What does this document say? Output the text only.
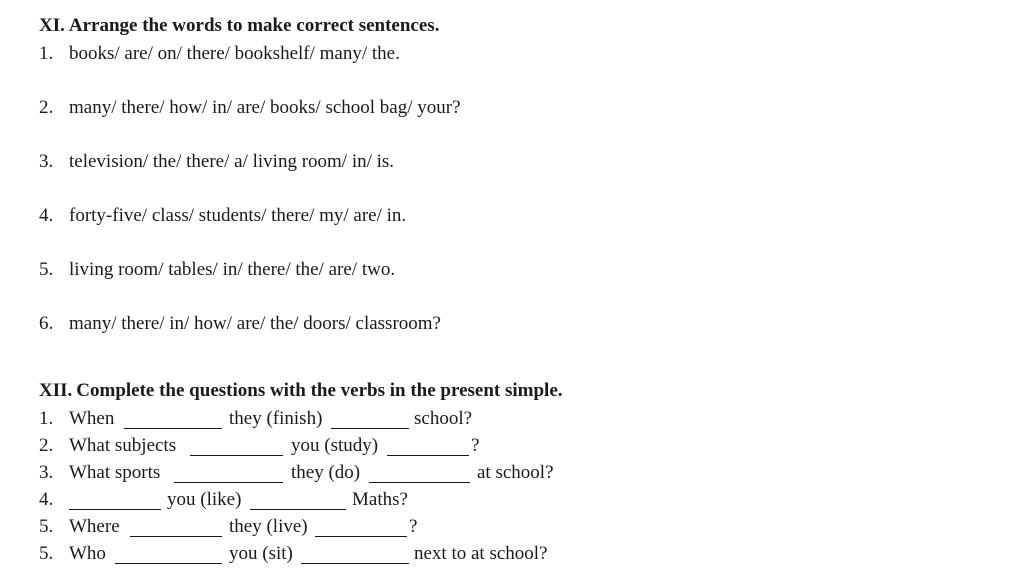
XI. Arrange the words to make correct sentences.
1. books/ are/ on/ there/ bookshelf/ many/ the.
2. many/ there/ how/ in/ are/ books/ school bag/ your?
3. television/ the/ there/ a/ living room/ in/ is.
4. forty-five/ class/ students/ there/ my/ are/ in.
5. living room/ tables/ in/ there/ the/ are/ two.
6. many/ there/ in/ how/ are/ the/ doors/ classroom?
XII. Complete the questions with the verbs in the present simple.
1. When	they (finish)	school?
2. What subjects	you (study)	?
3. What sports	they (do)	at school?
4.	you (like)	Maths?
5. Where	they (live)	?
5. Who	you (sit)	next to at school?
